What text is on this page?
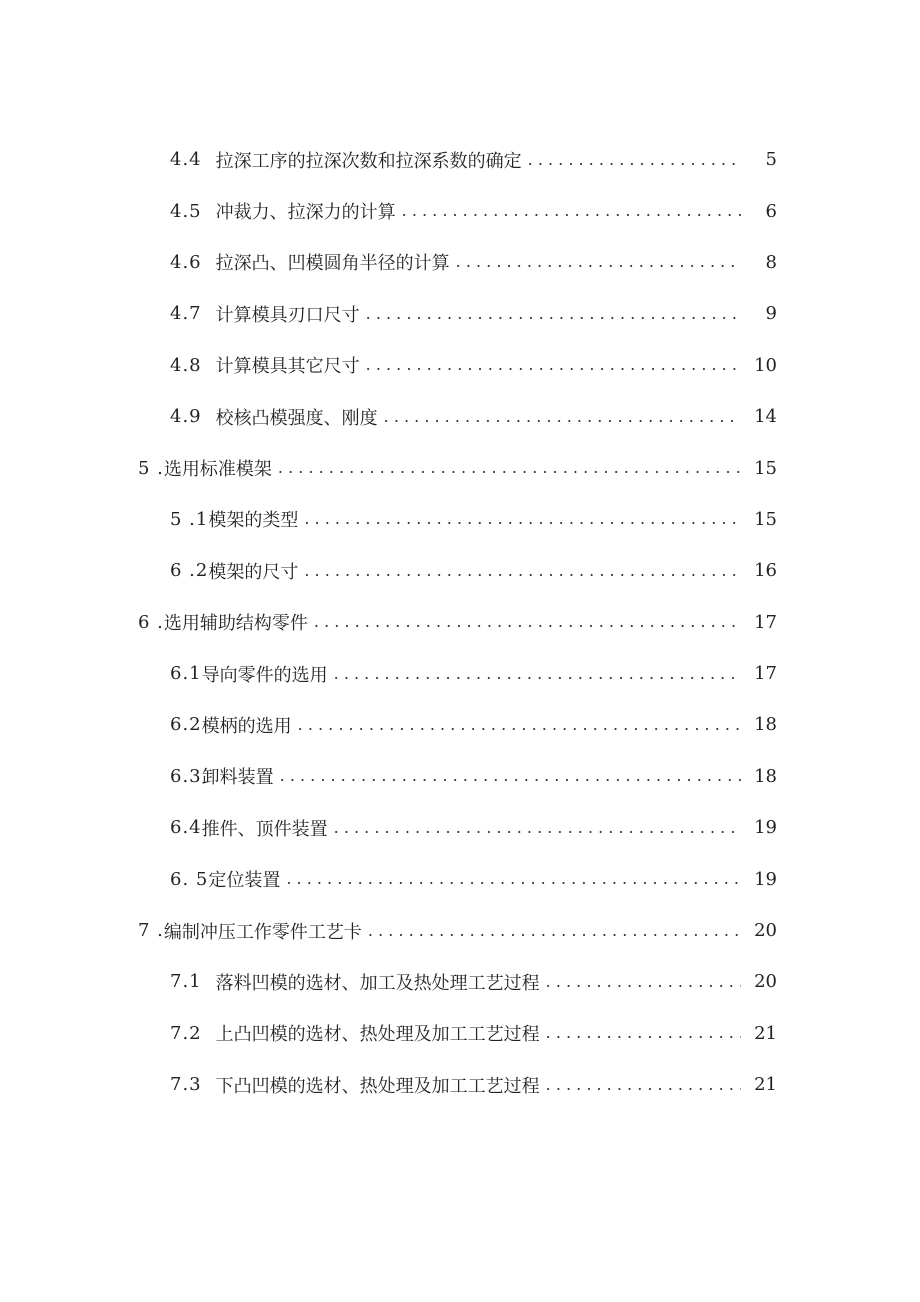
4.4 拉深工序的拉深次数和拉深系数的确定 . . .	5
4.5 冲裁力、拉深力的计算 . . .	6
4.6 拉深凸、凹模圆角半径的计算 . . .	8
4.7 计算模具刃口尺寸 . . .	9
4.8 计算模具其它尺寸 . . .	10
4.9 校核凸模强度、刚度 . . .	14
5 . 选用标准模架 . . .	15
5 .1 模架的类型 . . .	15
6 .2 模架的尺寸 . . .	16
6 . 选用辅助结构零件 . . .	17
6.1 导向零件的选用 . . .	17
6.2 模柄的选用 . . .	18
6.3 卸料装置 . . .	18
6.4 推件、顶件装置 . . .	19
6. 5 定位装置 . . .	19
7 . 编制冲压工作零件工艺卡 . . .	20
7.1 落料凹模的选材、加工及热处理工艺过程 . . .	20
7.2 上凸凹模的选材、热处理及加工工艺过程 . . .	21
7.3 下凸凹模的选材、热处理及加工工艺过程 . . .	21
